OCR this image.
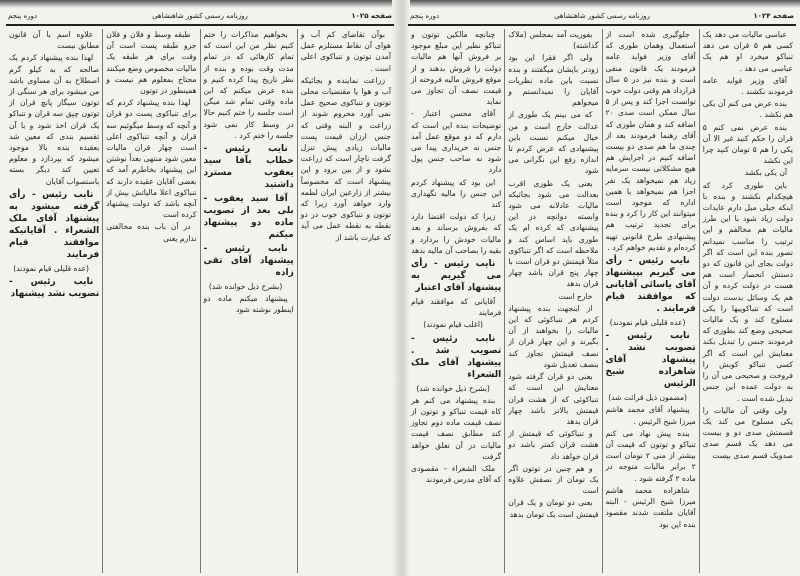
صفحه ۱۰۲۵
روزنامه رسمی کشور شاهنشاهی
دوره پنجم

بوآن تقاضای کم آب و هوای آن نقاط مستلزم عمل آمدن توتون و تنباکوی اعلی است .

زراعت نماینده و بجائیکه آب و هوا یا مقتضیات محلی توتون و تنباکوی صحیح عمل نمی آورد محروم شوند از زراعت و البته وقتی که جنس ارزان قیمت پست مالیات زیادی پیش تنزل گرفت ناچار است که زراعت نشود و از بین برود و این پیشنهاد است که مخصوصاً بیشتر از زارعین ایران لطمه وارد خواهد آورد زیرا که توتون و تنباکوی خوب در دو نقطه به نقطه عمل می آید که عبارت باشد از

بخواهیم مذاکرات را ختم کنیم نظر من این است که تمام کارهائی که در تمام مدت وقت بوده و بنده از نظر تاریخ پیدا کرده کنیم و بنده عرض میکنم که این ماده وقتی تمام شد میگن است جلسه را ختم کنیم حالا در وسط کار نمی شود جلسه را ختم کرد .

نایب رئیس - خطاب بآقا سید یعقوب مسترد داشتید

آقا سید یعقوب - بلی بعد از تصویب ماده دو پیشنهاد میکنم

نایب رئیس - پیشنهاد آقای تقی زاده

(بشرح ذیل خوانده شد)

پیشنهاد میکنم ماده دو اینطور نوشته شود

طبقه وسط و فلان و فلان جزو طبقه پست است آن وقت برای هر طبقه یک مالیات مخصوص وضع میکنند محتاج بمعلوم هم نیست و همینطور در توتون

لهذا بنده پیشنهاد کردم که برای تنباکوی پست دو قران و آنچه که وسط میگوئیم سه قران و آنچه تنباکوی اعلی است چهار قران مالیات معین شود منتهی بعداً نوشتن این پیشنهاد بخاطرم آمد که بعضی آقایان عقیده دارند که تنباکوی اعلا مالیاتش بیش از آنچه باشد که دولت پیشنهاد کرده است

در آن باب بنده مخالفتی ندارم یعنی

علاوه اسم با آن قانون مطابق نیست

لهذا بنده پیشنهاد کردم یک صالحه که به کیلو گرم اصطلاح به آن مساوی باشد من میشود برای هر سنگی از توتون سیگار پانچ قران از توتون چپق سه قران و تنباکو یک قران اخذ شود و با آن تقسیم بندی که معین شد بعقیده بنده بالا موجود میشود که بپردازد و معلوم تعیین کند دیگر بسته باستصواب آقایان

نایب رئیس - رأی گرفته میشود به پیشنهاد آقای ملک الشعراء . آقایانیکه موافقند قیام فرمایند

(عده قلیلی قیام نمودند)

نایب رئیس - تصویب نشد پیشنهاد

صفحه ۱۰۲۴
روزنامه رسمی کشور شاهنشاهی
دوره پنجم

عباسی مالیات می دهد یک کسی هم ۵ قران می دهد تنباکو میخرد او هم یک عباسی می دهد .

آقای وزیر فواید عامه فرمودند نکشند .

بنده عرض می کنم آن یکی هم نکشد .

بنده عرض نمی کنم ۵ قران را حکم کنید غیر الا آن یکی را هم ۵ تومان کنید چرا این نکشد

آن یکی بکشد

باین طوری کرد که هیچکدام نکشند و بنده با اینکه خیلی میل دارم عایدات دولت زیاد شود با این طرز مالیات هم مخالفم و این ترتیب را مناسب نمیدانم تصور بنده این است که اگر دولت بجای این قانون که دو دستش انحصار است هم هست در دولت کرده و آن هم یک وسائل بدست دولت است که تنباکوییها را یکی مسلوح کند و یک مالیات صحیحی وضع کند بطوری که فرمودند جنس را تبدیل بکند معنایش این است که اگر کسی تنباکو کوبش را فروخت و صحیحی می آن را به دولت عمده این جنس تبدیل شده است .

ولی وقتی آن مالیات را یکی مسلوح می کند یک قسمتش صدی دو و بیست می دهد یک قسم صدی صدویک قسم صدی بیست

جلوگیری شده است از استعمال وهمان طوری که آقای وزیر فواید عامه فرمودند یک قانون منفی است و بنده نیز در ۵ سال قرارداد هم وقتی دولت خوب توانست اجرا کند و پس از ۵ سال ممکن است صدی ۲۰ اضافه کند و همان طوری که آقای رهنما فرمودند بعد از چندی ما هم صدی دو بیست اضافه کنیم در اجرایش هم هیچ مشکلاتی نیست سرمایه زیاد هم نمیخواهد یک نفر اجزا هم نمیخواهد با همین اداره که موجود است میتوانند این کار را کرد و بنده برای تجدید ترتیب هم پیشنهادی طرح قانونی تهیه کرده‌ام و تقدیم خواهم کرد .

نایب رئیس - رأی می گیریم بپیشنهاد آقای یاسائی آقایانی که موافقند قیام فرمایند .

(عده قلیلی قیام نمودند)

نایب رئیس - تصویب نشد . پیشنهاد آقای شاهزاده شیخ الرئیس

(مضمون ذیل قرائت شد)

پیشنهاد آقای محمد هاشم میرزا شیخ الرئیس .

بنده پیش نهاد می کنم تنباکو و توتون که قیمت آن بیشتر از منی ۲ تومان است ۲ برابر مالیات متوجه در ماده ۲ گرفته شود .

شاهزاده محمد هاشم میرزا شیخ الرئیس - البته آقایان ملتفت شدند مقصود بنده این بود

بفوریت آمد بمجلس (ملاک گذاشته)

ولی اگر فقرا این بود زودتر بایشان میگفتند و بنده نسبت باین ماده نظریات آقایان را نمیدانستم و میخواهم

که می بینم یک طوری از عدالت خارج است و من خیال میکنم نسبت باین پیشنهادی که عرض کردم تا اندازه رفع این نگرانی می شود

یعنی یک طوری اقرب بعدالت می شود بجائیکه مالیات عادلانه می شود وابسته دوانچه در این پیشنهادی که کرده ام یک طوری باید اساس کند و ملاحظه است که اگر تنباکوی مثلاً قیمتش دو قران است با چهار پنج قران باشد چهار قران بدهد

خارج است

از اینجهت بنده پیشنهاد کردم هر تنباکوئی که این مالیات را بخواهند از آن بگیرند و این چهار قران از نصف قیمتش تجاوز کند بنصف تعدیل شود

یعنی دو قران گرفته شود معنایش این است که تنباکوئی که از هشت قران قیمتش بالاتر باشد چهار قران بدهد

و تنباکوئی که قیمتش از هشت قران کمتر باشد دو قران خواهد داد

و هم چنین در توتون اگر یک تومان از نصفش علاوه است

یعنی دو تومان و یک قران قیمتش است یک تومان بدهد

چنانچه مالکین توتون و تنباکو نظیر این مبلغ موجود بر فروش آنها هم مالیات دولت را فروش بدهند و از موقع فروش مالیه فروخته از قیمت نصف آن تجاوز می نماید

آقای محسن اعتبار - توضیحات بنده این است که دارم که دو موقع عمل آمد جنس نه خریداری پیدا می شود نه صاحب جنس پول دارد

این بود که پیشنهاد کردم این جنس را مالیه نگهداری کند

زیرا که دولت اقتضا دارد که بفروش برساند و بعد مالیات خودش را بردارد و بقیه را بصاحب آن مالیه بدهد

نایب رئیس - رأی می گیریم به پیشنهاد آقای اعتبار

آقایانی که موافقند قیام فرمایند

(اغلب قیام نمودند)

نایب رئیس - تصویب شد . پیشنهاد آقای ملک الشعراء

(بشرح ذیل خوانده شد)

بنده پیشنهاد می کنم هر کاه قیمت تنباکو و توتون از نصف قیمت ماده دوم تجاوز کند مطابق نصف قیمت مالیات در آن تعلق خواهد گرفت

ملک الشعراء - مقصودی که آقای مدرس فرمودند
